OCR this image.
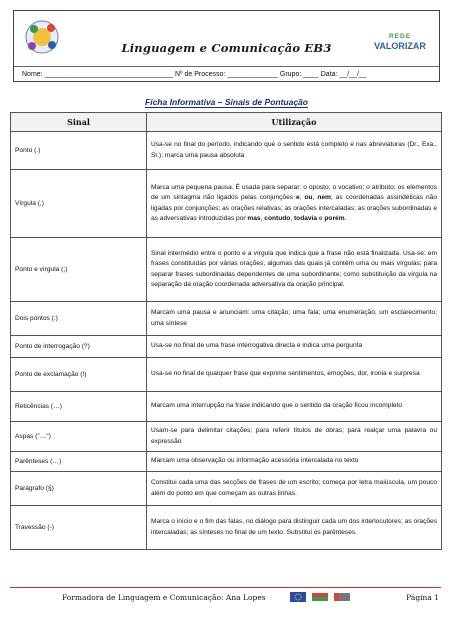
Linguagem e Comunicação EB3
REDE
VALORIZAR
Nome: _________________________________ Nº de Processo: _____________ Grupo: ____ Data: __/__/__
Ficha Informativa – Sinais de Pontuação
Sinal	Utilização
Ponto (.)	Usa-se no final do período, indicando que o sentido está completo e nas abreviaturas (Dr., Exa., Sr.); marca uma pausa absoluta
Vírgula (,)	Marca uma pequena pausa. É usada para separar: o oposto; o vocativo; o atributo; os elementos de um sintagma não ligados pelas conjunções e, ou, nem; as coordenadas assindéticas não ligadas por conjunções; as orações relativas; as orações intercaladas; as orações subordinadas e as adversativas introduzidas por mas, contudo, todavia e porém.
Ponto e vírgula (;)	Sinal intermédio entre o ponto e a vírgula que indica que a frase não está finalizada. Usa-se: em frases constituídas por várias orações, algumas das quais já contêm uma ou mais vírgulas; para separar frases subordinadas dependentes de uma subordinante; como substituição da vírgula na separação da oração coordenada adversativa da oração principal.
Dois pontos (:)	Marcam uma pausa e anunciam: uma citação; uma fala; uma enumeração; um esclarecimento; uma síntese
Ponto de interrogação (?)	Usa-se no final de uma frase interrogativa directa e indica uma pergunta
Ponto de exclamação (!)	Usa-se no final de qualquer frase que exprime sentimentos, emoções, dor, ironia e surpresa
Reticências (…)	Marcam uma interrupção na frase indicando que o sentido da oração ficou incompleto
Aspas ("…")	Usam-se para delimitar citações; para referir títulos de obras; para realçar uma palavra ou expressão
Parênteses (…)	Marcam uma observação ou informação acessória intercalada no texto
Parágrafo (§)	Constitui cada uma das secções de frases de um escrito; começa por letra maiúscula, um pouco além do ponto em que começam as outras linhas.
Travessão (-)	Marca o início e o fim das falas, no diálogo para distinguir cada um dos interlocutores; as orações intercaladas; as sínteses no final de um texto. Substitui os parênteses.
Formadora de Linguagem e Comunicação: Ana Lopes	Página 1
